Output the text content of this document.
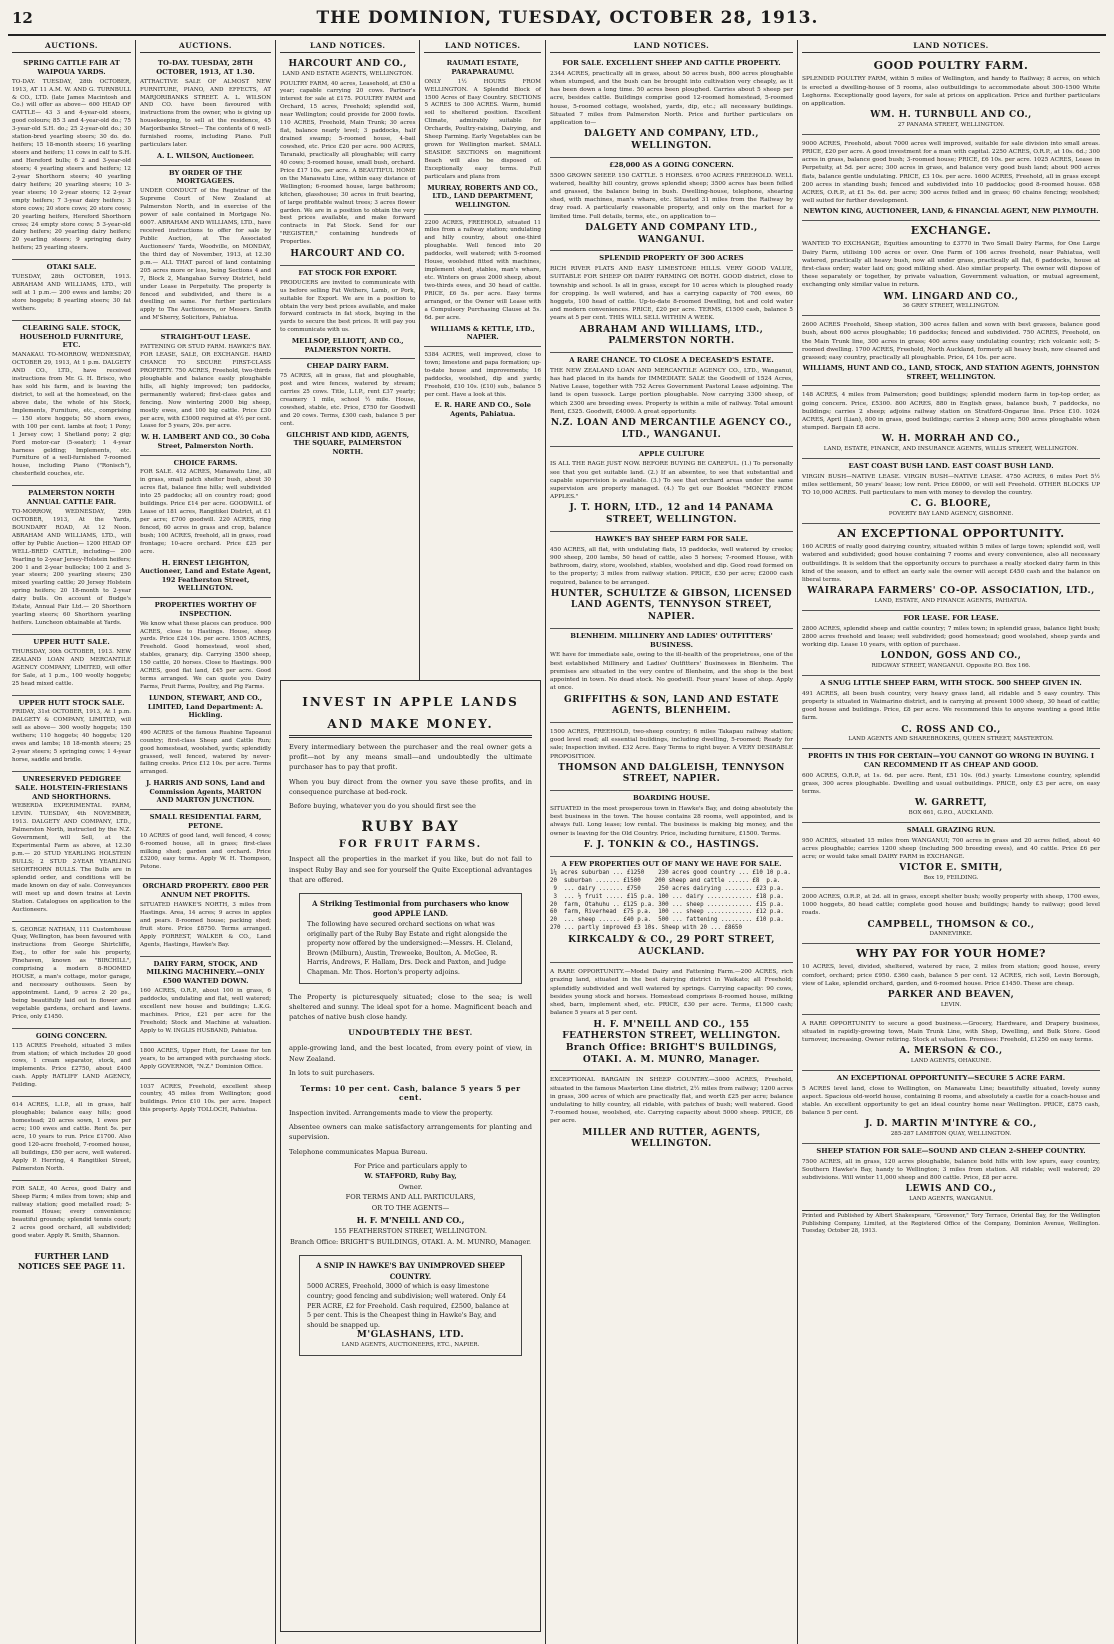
12	THE DOMINION, TUESDAY, OCTOBER 28, 1913.
AUCTIONS.
SPRING CATTLE FAIR AT WAIPOUA YARDS.
TO-DAY. TUESDAY, 28th OCTOBER, 1913, AT 11 A.M. W. AND G. TURNBULL & CO., LTD. (late James Macintosh and Co.) will offer as above— 600 HEAD OF CATTLE— 43 3 and 4-year-old steers, good colours; 85 3 and 4-year-old do.; 75 3-year-old S.H. do.; 25 2-year-old do.; 30 station-bred yearling steers; 30 do. do. heifers; 15 18-month steers; 16 yearling steers and heifers; 11 cows in calf to S.H. and Hereford bulls; 6 2 and 3-year-old steers; 4 yearling steers and heifers; 12 2-year Shorthorn steers; 40 yearling dairy heifers; 20 yearling steers; 10 3-year steers; 10 2-year steers; 12 2-year empty heifers; 7 3-year dairy heifers; 3 store cows; 20 store cows; 20 store cows; 20 yearling heifers, Hereford Shorthorn cross; 24 empty store cows; 5 3-year-old dairy heifers; 20 yearling dairy heifers; 20 yearling steers; 9 springing dairy heifers; 25 yearling steers.
OTAKI SALE.
TUESDAY, 28th OCTOBER, 1913. ABRAHAM AND WILLIAMS, LTD., will sell at 1 p.m.— 200 ewes and lambs; 20 store hoggets; 8 yearling steers; 30 fat wethers.
CLEARING SALE. STOCK, HOUSEHOLD FURNITURE, ETC.
MANAKAU. TO-MORROW, WEDNESDAY, OCTOBER 29, 1913, At 1 p.m. DALGETY AND CO., LTD., have received instructions from Mr. G. H. Brisco, who has sold his farm, and is leaving the district, to sell at the homestead, on the above date, the whole of his Stock, Implements, Furniture, etc., comprising— 150 store hoggets; 50 shorn ewes, with 100 per cent. lambs at foot; 1 Pony; 1 Jersey cow; 1 Shetland pony; 2 gig; Ford motor-car (5-seater); 1 4-year harness gelding; Implements, etc. Furniture of a well-furnished 7-roomed house, including Piano ("Ronisch"), chesterfield couches, etc.
PALMERSTON NORTH ANNUAL CATTLE FAIR.
TO-MORROW, WEDNESDAY, 29th OCTOBER, 1913, At the Yards, BOUNDARY ROAD, At 12 Noon. ABRAHAM AND WILLIAMS, LTD., will offer by Public Auction— 1200 HEAD OF WELL-BRED CATTLE, including— 200 Yearling to 2-year Jersey-Holstein heifers; 200 1 and 2-year bullocks; 100 2 and 3-year steers; 200 yearling steers; 250 mixed yearling cattle; 20 Jersey Holstein spring heifers; 20 18-month to 2-year dairy bulls. On account of Budge's Estate, Annual Fair Ltd.— 20 Shorthorn yearling steers; 60 Shorthorn yearling heifers. Luncheon obtainable at Yards.
UPPER HUTT SALE.
THURSDAY, 30th OCTOBER, 1913. NEW ZEALAND LOAN AND MERCANTILE AGENCY COMPANY, LIMITED, will offer for Sale, at 1 p.m., 100 woolly hoggets; 25 head mixed cattle.
UPPER HUTT STOCK SALE.
FRIDAY, 31st OCTOBER, 1913, At 1 p.m. DALGETY & COMPANY, LIMITED, will sell as above— 300 woolly hoggets; 150 wethers; 110 hoggets; 40 hoggets; 120 ewes and lambs; 18 18-month steers; 25 2-year steers; 5 springing cows; 1 4-year horse, saddle and bridle.
UNRESERVED PEDIGREE SALE. HOLSTEIN-FRIESIANS AND SHORTHORNS.
WEBERDA EXPERIMENTAL FARM, LEVIN. TUESDAY, 4th NOVEMBER, 1913. DALGETY AND COMPANY, LTD., Palmerston North, instructed by the N.Z. Government, will Sell, at the Experimental Farm as above, at 12.30 p.m.— 20 STUD YEARLING HOLSTEIN BULLS; 2 STUD 2-YEAR YEARLING SHORTHORN BULLS. The Bulls are in splendid order, and conditions will be made known on day of sale. Conveyances will meet up and down trains at Levin Station. Catalogues on application to the Auctioneers.
S. GEORGE NATHAN, 111 Customhouse Quay, Wellington, has been favoured with instructions from George Shirtcliffe, Esq., to offer for sale his property, Pinehaven, known as "BIRCHILL", comprising a modern 8-ROOMED HOUSE, a man's cottage, motor garage, and necessary outhouses. Seen by appointment. Land, 9 acres 2 20 ps., being beautifully laid out in flower and vegetable gardens, orchard and lawns. Price, only £1450.
GOING CONCERN.
115 ACRES Freehold, situated 3 miles from station; of which includes 20 good cows, 1 cream separator, stock, and implements. Price £2750, about £400 cash. Apply RATLIFF LAND AGENCY, Feilding.
614 ACRES, L.I.P., all in grass, half ploughable; balance easy hills; good homestead; 20 acres sown, 1 ewes per acre; 100 ewes and cattle. Rent 5s. per acre, 10 years to run. Price £1700. Also good 120-acre freehold, 7-roomed house, all buildings, £50 per acre, well watered. Apply P. Herring, 4 Rangitikei Street, Palmerston North.
FOR SALE, 40 Acres, good Dairy and Sheep Farm; 4 miles from town; ship and railway station; good metalled road; 5-roomed House; every convenience; beautiful grounds; splendid tennis court; 2 acres good orchard, all subdivided; good water. Apply R. Smith, Shannon.
FURTHER LAND NOTICES SEE PAGE 11.
AUCTIONS.
TO-DAY. TUESDAY, 28TH OCTOBER, 1913, AT 1.30.
ATTRACTIVE SALE OF ALMOST NEW FURNITURE, PIANO, AND EFFECTS, AT MARJORIBANKS STREET. A. L. WILSON AND CO. have been favoured with instructions from the owner, who is giving up housekeeping, to sell at the residence, 45 Marjoribanks Street— The contents of 6 well-furnished rooms, including Piano. Full particulars later.
A. L. WILSON, Auctioneer.
BY ORDER OF THE MORTGAGEES.
UNDER CONDUCT of the Registrar of the Supreme Court of New Zealand at Palmerston North, and in exercise of the power of sale contained in Mortgage No. 6007. ABRAHAM AND WILLIAMS, LTD., have received instructions to offer for sale by Public Auction, at The Associated Auctioneers' Yards, Woodville, on MONDAY, the third day of November, 1913, at 12.30 p.m.— ALL THAT parcel of land containing 205 acres more or less, being Sections 4 and 7, Block 2, Mangahao Survey District, held under Lease in Perpetuity. The property is fenced and subdivided, and there is a dwelling on same. For further particulars apply to The Auctioneers, or Messrs. Smith and M'Sherry, Solicitors, Pahiatua.
STRAIGHT-OUT LEASE.
FATTENING OR STUD FARM. HAWKE'S BAY. FOR LEASE, SALE, OR EXCHANGE. HARD CHANCE TO SECURE FIRST-CLASS PROPERTY. 750 ACRES, Freehold, two-thirds ploughable and balance easily ploughable hills, all highly improved; ten paddocks, permanently watered; first-class gates and fencing. Now wintering 2000 big sheep, mostly ewes, and 100 big cattle. Price £30 per acre, with £3000 required at 4½ per cent. Lease for 5 years, 20s. per acre.
W. H. LAMBERT AND CO., 30 Coba Street, Palmerston North.
CHOICE FARMS.
FOR SALE. 412 ACRES, Manawatu Line, all in grass, small patch shelter bush, about 30 acres flat, balance fine hills; well subdivided into 25 paddocks; all on country road; good buildings. Price £14 per acre. GOODWILL of Lease of 181 acres, Rangitikei District, at £1 per acre; £700 goodwill. 220 ACRES, ring fenced, 60 acres in grass and crop, balance bush; 100 ACRES, freehold, all in grass, road frontage; 10-acre orchard. Price £25 per acre.
H. ERNEST LEIGHTON, Auctioneer, Land and Estate Agent, 192 Featherston Street, WELLINGTON.
PROPERTIES WORTHY OF INSPECTION.
We know what these places can produce. 900 ACRES, close to Hastings. House, sheep yards. Price £24 10s. per acre. 1505 ACRES, Freehold. Good homestead, wool shed, stables, granary, dip. Carrying 3500 sheep, 150 cattle, 20 horses. Close to Hastings. 900 ACRES, good flat land, £45 per acre. Good terms arranged. We can quote you Dairy Farms, Fruit Farms, Poultry, and Pig Farms.
LUNDON, STEWART, AND CO., LIMITED, Land Department: A. Hickling.
490 ACRES of the famous Ruahine Tapoanui country; first-class Sheep and Cattle Run; good homestead, woolshed, yards; splendidly grassed, well fenced, watered by never-failing creeks. Price £12 10s. per acre. Terms arranged.
J. HARRIS AND SONS, Land and Commission Agents, MARTON AND MARTON JUNCTION.
SMALL RESIDENTIAL FARM, PETONE.
10 ACRES of good land, well fenced, 4 cows; 6-roomed house, all in grass; first-class milking shed; garden and orchard. Price £3200, easy terms. Apply W. H. Thompson, Petone.
ORCHARD PROPERTY. £800 PER ANNUM NET PROFITS.
SITUATED HAWKE'S NORTH, 3 miles from Hastings. Area, 14 acres; 9 acres in apples and pears. 8-roomed house; packing shed; fruit store. Price £8750. Terms arranged. Apply FORREST, WALKER & CO., Land Agents, Hastings, Hawke's Bay.
DAIRY FARM, STOCK, AND MILKING MACHINERY.—ONLY £500 WANTED DOWN.
160 ACRES, O.R.P., about 100 in grass, 6 paddocks, undulating and flat, well watered; excellent new house and buildings; L.K.G. machines. Price, £21 per acre for the Freehold; Stock and Machine at valuation. Apply to W. INGLIS HUSBAND, Pahiatua.
1800 ACRES, Upper Hutt, for Lease for ten years, to be arranged with purchasing stock. Apply GOVERNOR, "N.Z." Dominion Office.
1037 ACRES, Freehold, excellent sheep country, 45 miles from Wellington; good buildings. Price £10 10s. per acre. Inspect this property. Apply TOLLOCH, Pahiatua.
LAND NOTICES.
HARCOURT AND CO.,
LAND AND ESTATE AGENTS, WELLINGTON.
POULTRY FARM, 40 acres, Leasehold, at £50 a year; capable carrying 20 cows. Partner's interest for sale at £175. POULTRY FARM and Orchard, 15 acres, Freehold; splendid soil, near Wellington; could provide for 2000 fowls. 110 ACRES, Freehold, Main Trunk; 30 acres flat, balance nearly level; 3 paddocks, half drained swamp; 5-roomed house, 4-bail cowshed, etc. Price £20 per acre. 900 ACRES, Taranaki, practically all ploughable; will carry 40 cows; 5-roomed house, small bush, orchard. Price £17 10s. per acre. A BEAUTIFUL HOME on the Manawatu Line, within easy distance of Wellington; 6-roomed house, large bathroom; kitchen, glasshouse; 30 acres in fruit bearing, of large profitable walnut trees; 3 acres flower garden. We are in a position to obtain the very best prices available, and make forward contracts in Fat Stock. Send for our "REGISTER," containing hundreds of Properties.
HARCOURT AND CO.
FAT STOCK FOR EXPORT.
PRODUCERS are invited to communicate with us before selling Fat Wethers, Lamb, or Pork, suitable for Export. We are in a position to obtain the very best prices available, and make forward contracts in fat stock, buying in the yards to secure the best prices. It will pay you to communicate with us.
MELLSOP, ELLIOTT, AND CO., PALMERSTON NORTH.
CHEAP DAIRY FARM.
75 ACRES, all in grass, flat and ploughable, post and wire fences, watered by stream; carries 25 cows. Title, L.I.P., rent £37 yearly; creamery 1 mile, school ½ mile. House, cowshed, stable, etc. Price, £750 for Goodwill and 20 cows. Terms, £300 cash, balance 5 per cent.
GILCHRIST AND KIDD, AGENTS, THE SQUARE, PALMERSTON NORTH.
LAND NOTICES.
RAUMATI ESTATE, PARAPARAUMU.
ONLY 1½ HOURS FROM WELLINGTON. A Splendid Block of 1500 Acres of Easy Country. SECTIONS 5 ACRES to 300 ACRES. Warm, humid soil to sheltered position. Excellent Climate, admirably suitable for Orchards, Poultry-raising, Dairying, and Sheep Farming. Early Vegetables can be grown for Wellington market. SMALL SEASIDE SECTIONS on magnificent Beach will also be disposed of. Exceptionally easy terms. Full particulars and plans from
MURRAY, ROBERTS AND CO., LTD., LAND DEPARTMENT, WELLINGTON.
2200 ACRES, FREEHOLD, situated 11 miles from a railway station; undulating and hilly country, about one-third ploughable. Well fenced into 20 paddocks, well watered; with 5-roomed House, woolshed fitted with machines, implement shed, stables, man's whare, etc. Winters on grass 2000 sheep, about two-thirds ewes, and 30 head of cattle. PRICE, £6 5s. per acre. Easy terms arranged, or the Owner will Lease with a Compulsory Purchasing Clause at 5s. 6d. per acre.
WILLIAMS & KETTLE, LTD., NAPIER.
5384 ACRES, well improved, close to town; limestone and papa formation; up-to-date house and improvements; 16 paddocks, woolshed, dip and yards; Freehold, £10 10s. (£10) sub., balance 5 per cent. Have a look at this.
E. R. HARE AND CO., Sole Agents, Pahiatua.
INVEST IN APPLE LANDS
AND MAKE MONEY.
Every intermediary between the purchaser and the real owner gets a profit—not by any means small—and undoubtedly the ultimate purchaser has to pay that profit.
When you buy direct from the owner you save these profits, and in consequence purchase at bed-rock.
Before buying, whatever you do you should first see the
RUBY BAY
FOR FRUIT FARMS.
Inspect all the properties in the market if you like, but do not fail to inspect Ruby Bay and see for yourself the Quite Exceptional advantages that are offered.
A Striking Testimonial from purchasers who know good APPLE LAND.
The following have secured orchard sections on what was originally part of the Ruby Bay Estate and right alongside the property now offered by the undersigned:—Messrs. H. Cleland, Brown (Milburn), Austin, Treweeke, Boulton, A. McGee, R. Harris, Andrews, F. Hallam, Drs. Deck and Paxton, and Judge Chapman. Mr. Thos. Horton's property adjoins.
The Property is picturesquely situated; close to the sea; is well sheltered and sunny. The ideal spot for a home. Magnificent beach and patches of native bush close handy.
UNDOUBTEDLY THE BEST.
apple-growing land, and the best located, from every point of view, in New Zealand.
In lots to suit purchasers.
Terms: 10 per cent. Cash, balance 5 years 5 per cent.
Inspection invited. Arrangements made to view the property.
Absentee owners can make satisfactory arrangements for planting and supervision.
Telephone communicates Mapua Bureau.
For Price and particulars apply to
W. STAFFORD, Ruby Bay,
Owner.
FOR TERMS AND ALL PARTICULARS,
OR TO THE AGENTS—
H. F. M'NEILL AND CO.,
155 FEATHERSTON STREET, WELLINGTON.
Branch Office: BRIGHT'S BUILDINGS, OTAKI. A. M. MUNRO, Manager.
A SNIP IN HAWKE'S BAY UNIMPROVED SHEEP COUNTRY.
5000 ACRES, Freehold, 3000 of which is easy limestone country; good fencing and subdivision; well watered. Only £4 PER ACRE, £2 for Freehold. Cash required, £2500, balance at 5 per cent. This is the Cheapest thing in Hawke's Bay, and should be snapped up.
M'GLASHANS, LTD.
LAND AGENTS, AUCTIONEERS, ETC., NAPIER.
LAND NOTICES.
FOR SALE. EXCELLENT SHEEP AND CATTLE PROPERTY.
2344 ACRES, practically all in grass, about 50 acres bush, 800 acres ploughable when stumped, and the bush can be brought into cultivation very cheaply, as it has been down a long time. 50 acres been ploughed. Carries about 5 sheep per acre, besides cattle. Buildings comprise good 12-roomed homestead, 5-roomed house, 5-roomed cottage, woolshed, yards, dip, etc.; all necessary buildings. Situated 7 miles from Palmerston North. Price and further particulars on application to—
DALGETY AND COMPANY, LTD., WELLINGTON.
£28,000 AS A GOING CONCERN.
5500 GROWN SHEEP. 150 CATTLE. 5 HORSES. 6700 ACRES FREEHOLD. WELL watered, healthy hill country, grows splendid sheep; 3500 acres has been felled and grassed, the balance being in bush. Dwelling-house, telephone, shearing shed, with machines, man's whare, etc. Situated 31 miles from the Railway by dray road. A particularly reasonable property, and only on the market for a limited time. Full details, terms, etc., on application to—
DALGETY AND COMPANY LTD., WANGANUI.
SPLENDID PROPERTY OF 300 ACRES
RICH RIVER FLATS AND EASY LIMESTONE HILLS. VERY GOOD VALUE, SUITABLE FOR SHEEP OR DAIRY FARMING OR BOTH. GOOD district, close to township and school. Is all in grass, except for 10 acres which is ploughed ready for cropping. Is well watered, and has a carrying capacity of 700 ewes, 60 hoggets, 100 head of cattle. Up-to-date 8-roomed Dwelling, hot and cold water and modern conveniences. PRICE, £20 per acre. TERMS, £1500 cash, balance 5 years at 5 per cent. THIS WILL SELL WITHIN A WEEK.
ABRAHAM AND WILLIAMS, LTD., PALMERSTON NORTH.
A RARE CHANCE. TO CLOSE A DECEASED'S ESTATE.
THE NEW ZEALAND LOAN AND MERCANTILE AGENCY CO., LTD., Wanganui, has had placed in its hands for IMMEDIATE SALE the Goodwill of 1524 Acres, Native Lease, together with 752 Acres Government Pastoral Lease adjoining. The land is open tussock. Large portion ploughable. Now carrying 3300 sheep, of which 2300 are breeding ewes. Property is within a mile of railway. Total amount Rent, £325. Goodwill, £4000. A great opportunity.
N.Z. LOAN AND MERCANTILE AGENCY CO., LTD., WANGANUI.
APPLE CULTURE
IS ALL THE RAGE JUST NOW. BEFORE BUYING BE CAREFUL. (1.) To personally see that you get suitable land. (2.) If an absentee, to see that substantial and capable supervision is available. (3.) To see that orchard areas under the same supervision are properly managed. (4.) To get our Booklet "MONEY FROM APPLES."
J. T. HORN, LTD., 12 and 14 PANAMA STREET, WELLINGTON.
HAWKE'S BAY SHEEP FARM FOR SALE.
450 ACRES, all flat, with undulating flats, 15 paddocks, well watered by creeks; 900 sheep, 200 lambs, 50 head of cattle, also 5 horses; 7-roomed House, with bathroom, dairy, store, woolshed, stables, woolshed and dip. Good road formed on to the property; 3 miles from railway station. PRICE, £30 per acre; £2000 cash required, balance to be arranged.
HUNTER, SCHULTZE & GIBSON, LICENSED LAND AGENTS, TENNYSON STREET, NAPIER.
BLENHEIM. MILLINERY AND LADIES' OUTFITTERS' BUSINESS.
WE have for immediate sale, owing to the ill-health of the proprietress, one of the best established Millinery and Ladies' Outfitters' Businesses in Blenheim. The premises are situated in the very centre of Blenheim, and the shop is the best appointed in town. No dead stock. No goodwill. Four years' lease of shop. Apply at once.
GRIFFITHS & SON, LAND AND ESTATE AGENTS, BLENHEIM.
1500 ACRES, FREEHOLD, two-sheep country; 6 miles Takapau railway station; good level road; all essential buildings, including dwelling, 5-roomed; Ready for sale; Inspection invited. £32 Acre. Easy Terms to right buyer. A VERY DESIRABLE PROPOSITION.
THOMSON AND DALGLEISH, TENNYSON STREET, NAPIER.
BOARDING HOUSE.
SITUATED in the most prosperous town in Hawke's Bay, and doing absolutely the best business in the town. The house contains 28 rooms, well appointed, and is always full. Long lease; low rental. The business is making big money, and the owner is leaving for the Old Country. Price, including furniture, £1500. Terms.
F. J. TONKIN & CO., HASTINGS.
A FEW PROPERTIES OUT OF MANY WE HAVE FOR SALE.
1¼ acres suburban ... £1250    230 acres good country ... £10 10 p.a.
20  suburban ....... £1500    200 sheep and cattle ...... £8  p.a.
9  ... dairy ....... £750     250 acres dairying ........ £23 p.a.
3  ... ½ fruit ..... £15 p.a. 100 ... dairy ............. £18 p.a.
20  farm, Otahuhu .. £125 p.a. 300 ... sheep ............. £15 p.a.
60  farm, Riverhead  £75 p.a.  100 ... sheep ............. £12 p.a.
20  ... sheep ...... £40 p.a.  500 ... fattening ......... £10 p.a.
270 ... partly improved £3 10s. Sheep with 20 ... £8650
KIRKCALDY & CO., 29 PORT STREET, AUCKLAND.
A RARE OPPORTUNITY.—Model Dairy and Fattening Farm.—200 ACRES, rich grazing land, situated in the best dairying district in Waikato; all Freehold; splendidly subdivided and well watered by springs. Carrying capacity: 90 cows, besides young stock and horses. Homestead comprises 8-roomed house, milking shed, barn, implement shed, etc. PRICE, £30 per acre. Terms, £1500 cash; balance 5 years at 5 per cent.
H. F. M'NEILL AND CO., 155 FEATHERSTON STREET, WELLINGTON. Branch Office: BRIGHT'S BUILDINGS, OTAKI. A. M. MUNRO, Manager.
EXCEPTIONAL BARGAIN IN SHEEP COUNTRY.—3000 ACRES, Freehold, situated in the famous Masterton Line district, 2½ miles from railway; 1200 acres in grass, 300 acres of which are practically flat, and worth £25 per acre; balance undulating to hilly country, all ridable, with patches of bush; well watered. Good 7-roomed house, woolshed, etc. Carrying capacity about 5000 sheep. PRICE, £6 per acre.
MILLER AND RUTTER, AGENTS, WELLINGTON.
LAND NOTICES.
GOOD POULTRY FARM.
SPLENDID POULTRY FARM, within 5 miles of Wellington, and handy to Railway; 8 acres, on which is erected a dwelling-house of 5 rooms, also outbuildings to accommodate about 300-1500 White Leghorns. Exceptionally good layers, for sale at prices on application. Price and further particulars on application.
WM. H. TURNBULL AND CO.,
27 PANAMA STREET, WELLINGTON.
9000 ACRES, Freehold, about 7000 acres well improved, suitable for sale division into small areas. PRICE, £20 per acre. A good investment for a man with capital. 2250 ACRES, O.R.P., at 10s. 6d.; 300 acres in grass, balance good bush; 3-roomed house; PRICE, £6 10s. per acre. 1025 ACRES, Lease in Perpetuity, at 5d. per acre; 300 acres in grass, and balance very good bush land; about 900 acres flats, balance gentle undulating. PRICE, £3 10s. per acre. 1600 ACRES, Freehold, all in grass except 200 acres in standing bush; fenced and subdivided into 10 paddocks; good 8-roomed house. 658 ACRES, O.R.P., at £1 5s. 6d. per acre; 300 acres felled and in grass; 60 chains fencing; woolshed; well suited for further development.
NEWTON KING, AUCTIONEER, LAND, & FINANCIAL AGENT, NEW PLYMOUTH.
EXCHANGE.
WANTED TO EXCHANGE, Equities amounting to £3770 in Two Small Dairy Farms, for One Large Dairy Farm, utilising 100 acres or over. One Farm of 106 acres freehold, near Pahiatua, well watered, practically all heavy bush, now all under grass, practically all flat, 6 paddocks, house at first-class order; water laid on; good milking shed. Also similar property. The owner will dispose of these separately or together, by private valuation, Government valuation, or mutual agreement, exchanging only similar value in return.
WM. LINGARD AND CO.,
36 GREY STREET, WELLINGTON.
2600 ACRES Freehold, Sheep station, 300 acres fallen and sown with best grasses, balance good bush, about 600 acres ploughable; 16 paddocks; fenced and subdivided. 750 ACRES, Freehold, on the Main Trunk line, 300 acres in grass; 400 acres easy undulating country; rich volcanic soil; 5-roomed dwelling. 1700 ACRES, Freehold, North Auckland, formerly all heavy bush, now cleared and grassed; easy country, practically all ploughable. Price, £4 10s. per acre.
WILLIAMS, HUNT AND CO., LAND, STOCK, AND STATION AGENTS, JOHNSTON STREET, WELLINGTON.
148 ACRES, 4 miles from Palmerston; good buildings; splendid modern farm in top-top order, as going concern. Price, £5300. 800 ACRES, 880 in English grass, balance bush, 7 paddocks, no buildings; carries 2 sheep; adjoins railway station on Stratford-Ongarue line. Price £10. 1024 ACRES, April (Lian), 800 in grass, good buildings; carries 2 sheep acre; 500 acres ploughable when stumped. Bargain £8 acre.
W. H. MORRAH AND CO.,
LAND, ESTATE, FINANCE, AND INSURANCE AGENTS, WILLIS STREET, WELLINGTON.
EAST COAST BUSH LAND. EAST COAST BUSH LAND.
VIRGIN BUSH—NATIVE LEASE. VIRGIN BUSH—NATIVE LEASE. 4750 ACRES, 6 miles Port 5½ miles settlement, 50 years' lease; low rent. Price £6000, or will sell Freehold. OTHER BLOCKS UP TO 10,000 ACRES. Full particulars to men with money to develop the country.
C. G. BLOORE,
POVERTY BAY LAND AGENCY, GISBORNE.
AN EXCEPTIONAL OPPORTUNITY.
160 ACRES of really good dairying country, situated within 5 miles of large town; splendid soil, well watered and subdivided; good house containing 7 rooms and every convenience, also all necessary outbuildings. It is seldom that the opportunity occurs to purchase a really stocked dairy farm in this kind of the season, and to effect an early sale the owner will accept £450 cash and the balance on liberal terms.
WAIRARAPA FARMERS' CO-OP. ASSOCIATION, LTD.,
LAND, ESTATE, AND FINANCE AGENTS, PAHIATUA.
FOR LEASE. FOR LEASE.
2800 ACRES, splendid sheep and cattle country; 7 miles town; in splendid grass, balance light bush; 2800 acres freehold and lease; well subdivided; good homestead; good woolshed, sheep yards and working dip. Lease 10 years, with option of purchase.
LONDON, GOSS AND CO.,
RIDGWAY STREET, WANGANUI. Opposite P.O. Box 166.
A SNUG LITTLE SHEEP FARM, WITH STOCK. 500 SHEEP GIVEN IN.
491 ACRES, all been bush country, very heavy grass land, all ridable and 5 easy country. This property is situated in Waimarino district, and is carrying at present 1000 sheep, 30 head of cattle; good house and buildings. Price, £8 per acre. We recommend this to anyone wanting a good little farm.
C. ROSS AND CO.,
LAND AGENTS AND SHAREBROKERS, QUEEN STREET, MASTERTON.
PROFITS IN THIS FOR CERTAIN—YOU CANNOT GO WRONG IN BUYING. I CAN RECOMMEND IT AS CHEAP AND GOOD.
600 ACRES, O.R.P., at 1s. 6d. per acre. Rent, £51 10s. (6d.) yearly. Limestone country, splendid grass, 300 acres ploughable. Dwelling and usual outbuildings. PRICE, only £3 per acre, on easy terms.
W. GARRETT,
BOX 661, G.P.O., AUCKLAND.
SMALL GRAZING RUN.
950 ACRES, situated 15 miles from WANGANUI; 700 acres in grass and 20 acres felled, about 40 acres ploughable; carries 1200 sheep (including 500 breeding ewes), and 40 cattle. Price £6 per acre; or would take small DAIRY FARM in EXCHANGE.
VICTOR E. SMITH,
Box 19, FEILDING.
2000 ACRES, O.R.P., at 2d. all in grass, except shelter bush; woolly property with sheep, 1700 ewes, 1000 hoggets, 80 head cattle; complete good house and buildings; handy to railway; good level roads.
CAMPBELL, THOMSON & CO.,
DANNEVIRKE.
WHY PAY FOR YOUR HOME?
10 ACRES, level, divided, sheltered, watered by race, 2 miles from station; good house, every comfort, orchard; price £950. £360 cash, balance 5 per cent. 12 ACRES, rich soil, Levin Borough, view of Lake, splendid orchard, garden, and 6-roomed house. Price £1450. These are cheap.
PARKER AND BEAVEN,
LEVIN.
A RARE OPPORTUNITY to secure a good business.—Grocery, Hardware, and Drapery business, situated in rapidly-growing town, Main Trunk Line, with Shop, Dwelling, and Bulk Store. Good turnover, increasing. Owner retiring. Stock at valuation. Premises: Freehold, £1250 on easy terms.
A. MERSON & CO.,
LAND AGENTS, OHAKUNE.
AN EXCEPTIONAL OPPORTUNITY—SECURE 5 ACRE FARM.
5 ACRES level land, close to Wellington, on Manawatu Line; beautifully situated, lovely sunny aspect. Spacious old-world house, containing 8 rooms, and absolutely a castle for a coach-house and stable. An excellent opportunity to get an ideal country home near Wellington. PRICE, £875 cash, balance 5 per cent.
J. D. MARTIN M'INTYRE & CO.,
285-287 LAMBTON QUAY, WELLINGTON.
SHEEP STATION FOR SALE—SOUND AND CLEAN 2-SHEEP COUNTRY.
7500 ACRES, all in grass, 120 acres ploughable, balance bold hills with low spurs, easy country, Southern Hawke's Bay, handy to Wellington; 3 miles from station. All ridable; well watered; 20 subdivisions. Will winter 11,000 sheep and 800 cattle. Price, £8 per acre.
LEWIS AND CO.,
LAND AGENTS, WANGANUI.
Printed and Published by Albert Shakespeare, "Grosvenor," Tory Terrace, Oriental Bay, for the Wellington Publishing Company, Limited, at the Registered Office of the Company, Dominion Avenue, Wellington. Tuesday, October 28, 1913.
